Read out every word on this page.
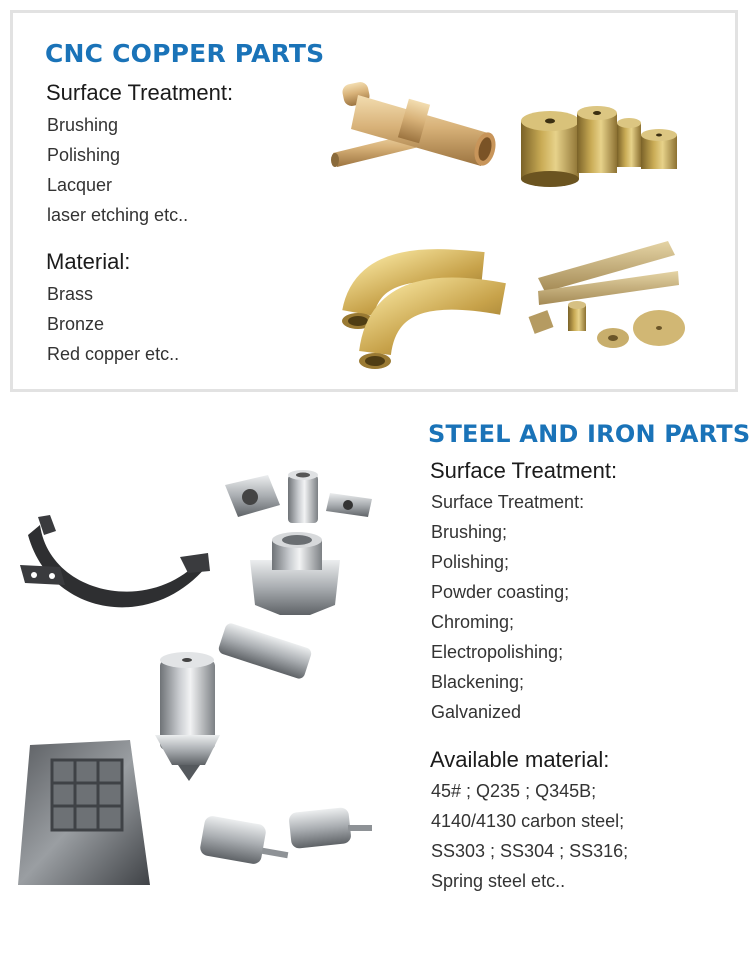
CNC COPPER PARTS
Surface Treatment:
Brushing
Polishing
Lacquer
laser etching etc..
Material:
Brass
Bronze
Red copper etc..
STEEL AND IRON PARTS
Surface Treatment:
Surface Treatment:
Brushing;
Polishing;
Powder coasting;
Chroming;
Electropolishing;
Blackening;
Galvanized
Available material:
45# ; Q235 ; Q345B;
4140/4130 carbon steel;
SS303 ; SS304 ; SS316;
Spring steel etc..
